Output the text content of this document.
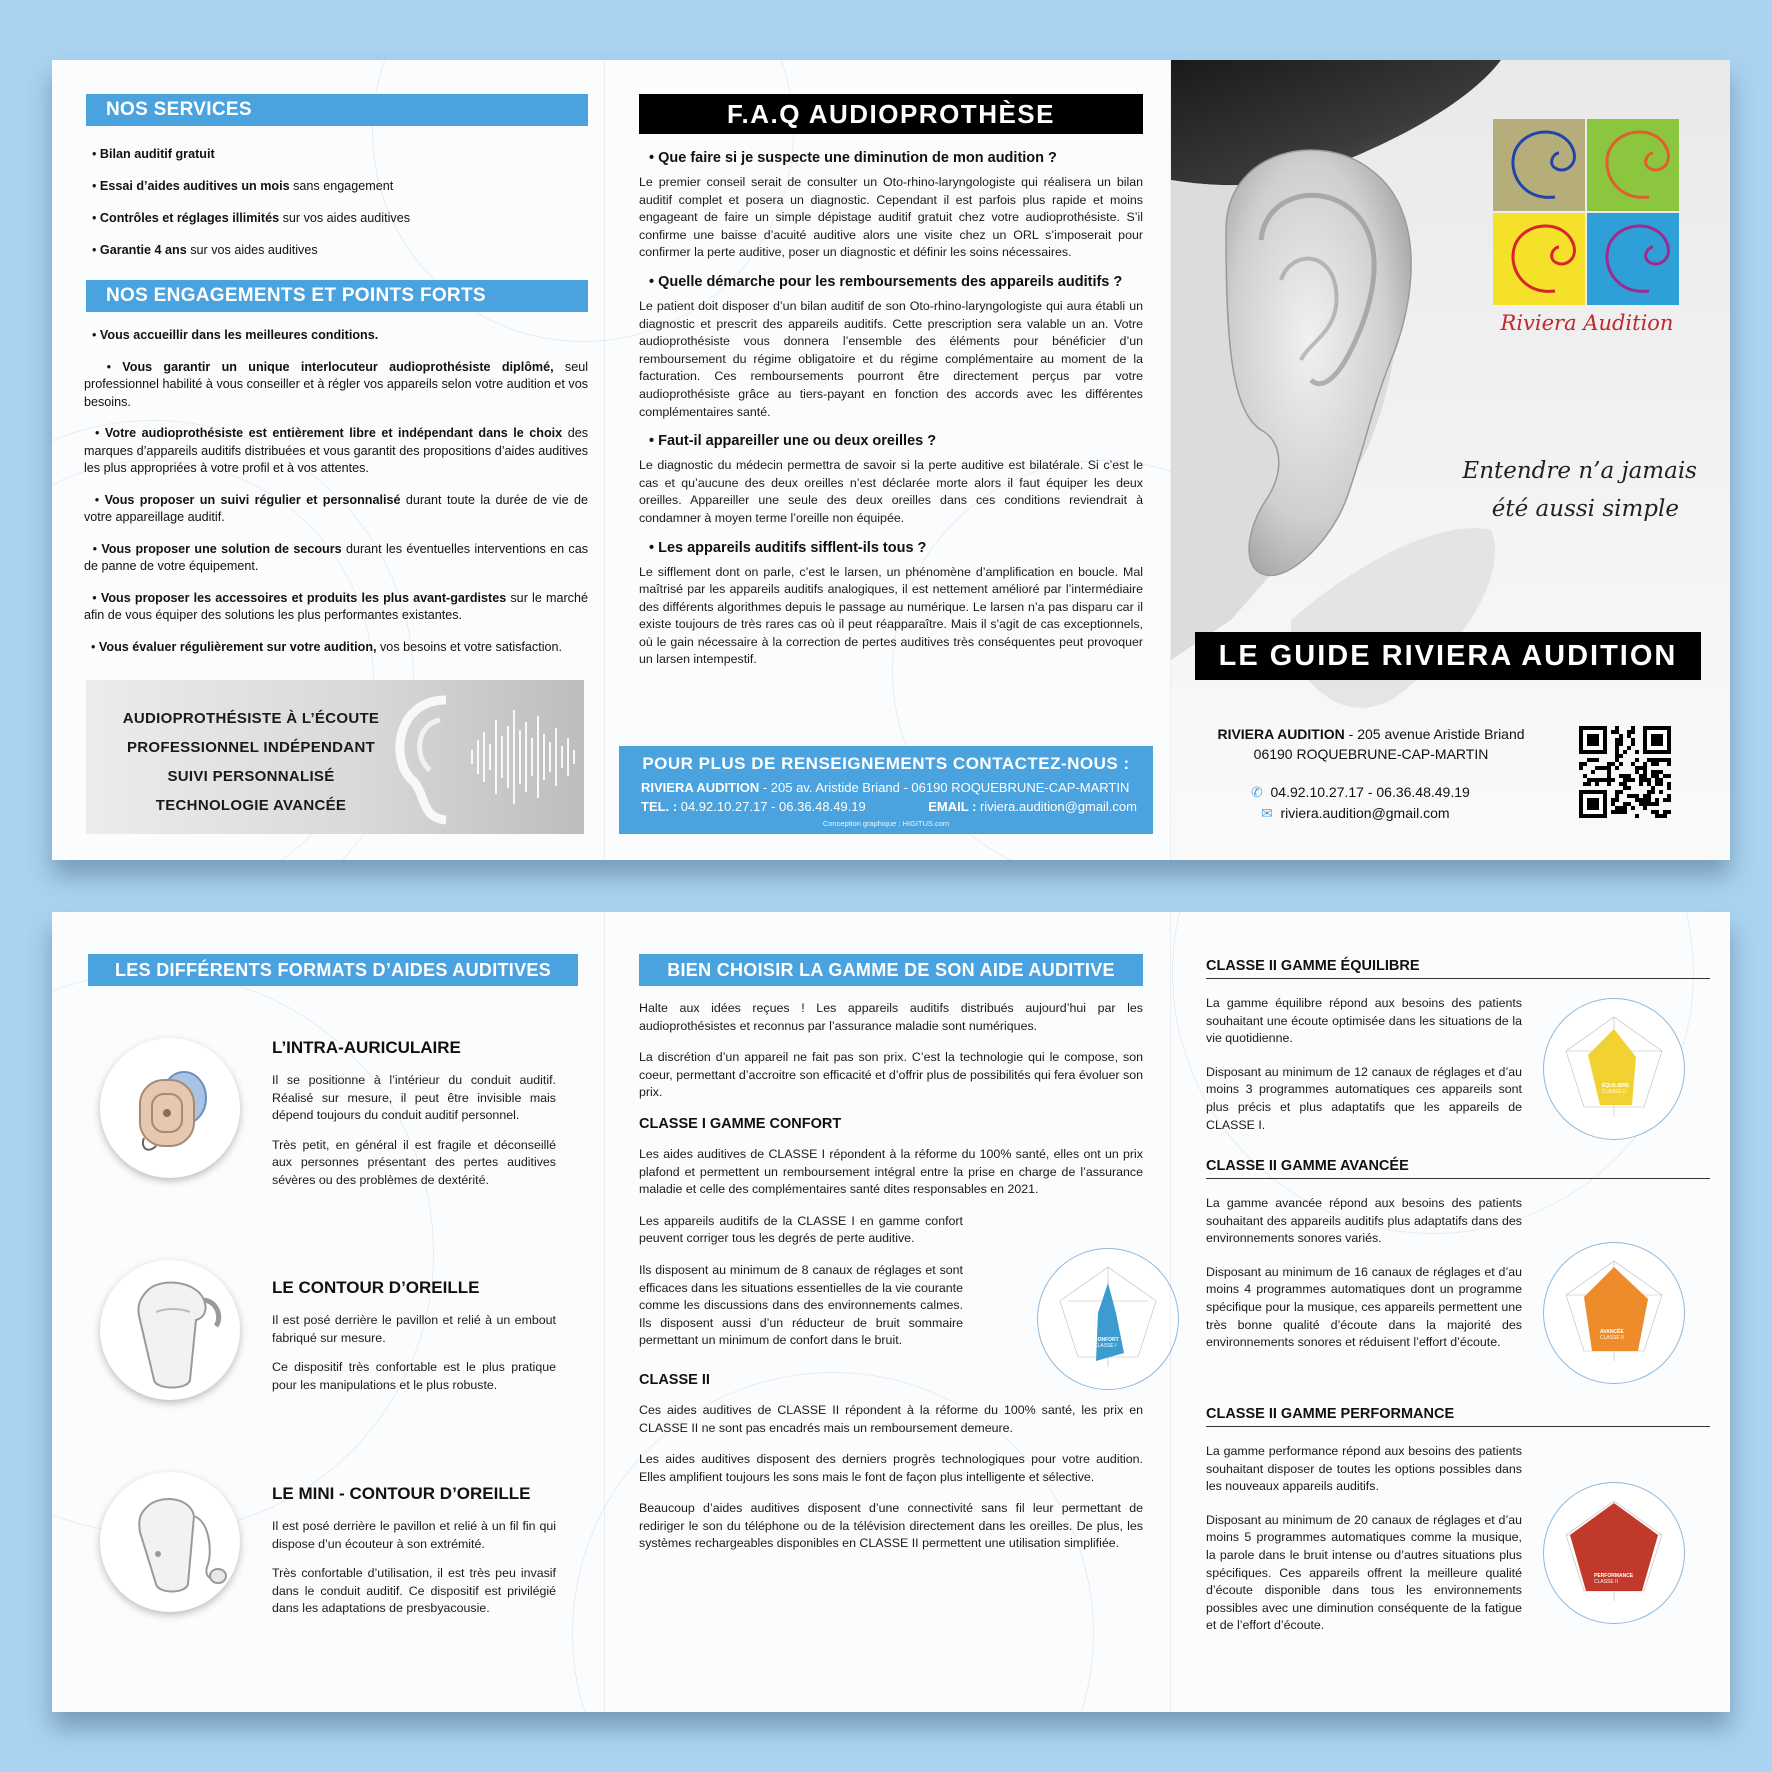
NOS SERVICES

• Bilan auditif gratuit

• Essai d’aides auditives un mois sans engagement

• Contrôles et réglages illimités sur vos aides auditives

• Garantie 4 ans sur vos aides auditives

NOS ENGAGEMENTS ET POINTS FORTS

• Vous accueillir dans les meilleures conditions.

• Vous garantir un unique interlocuteur audioprothésiste diplômé, seul professionnel habilité à vous conseiller et à régler vos appareils selon votre audition et vos besoins.

• Votre audioprothésiste est entièrement libre et indépendant dans le choix des marques d’appareils auditifs distribuées et vous garantit des propositions d’aides auditives les plus appropriées à votre profil et à vos attentes.

• Vous proposer un suivi régulier et personnalisé durant toute la durée de vie de votre appareillage auditif.

• Vous proposer une solution de secours durant les éventuelles interventions en cas de panne de votre équipement.

• Vous proposer les accessoires et produits les plus avant-gardistes sur le marché afin de vous équiper des solutions les plus performantes existantes.

• Vous évaluer régulièrement sur votre audition, vos besoins et votre satisfaction.

AUDIOPROTHÉSISTE À L’ÉCOUTE
PROFESSIONNEL INDÉPENDANT
SUIVI PERSONNALISÉ
TECHNOLOGIE AVANCÉE
F.A.Q AUDIOPROTHÈSE
• Que faire si je suspecte une diminution de mon audition ?

Le premier conseil serait de consulter un Oto-rhino-laryngologiste qui réalisera un bilan auditif complet et posera un diagnostic. Cependant il est parfois plus rapide et moins engageant de faire un simple dépistage auditif gratuit chez votre audioprothésiste. S’il confirme une baisse d’acuité auditive alors une visite chez un ORL s’imposerait pour confirmer la perte auditive, poser un diagnostic et définir les soins nécessaires.

• Quelle démarche pour les remboursements des appareils auditifs ?

Le patient doit disposer d’un bilan auditif de son Oto-rhino-laryngologiste qui aura établi un diagnostic et prescrit des appareils auditifs. Cette prescription sera valable un an. Votre audioprothésiste vous donnera l’ensemble des éléments pour bénéficier d’un remboursement du régime obligatoire et du régime complémentaire au moment de la facturation. Ces remboursements pourront être directement perçus par votre audioprothésiste grâce au tiers-payant en fonction des accords avec les différentes complémentaires santé.

• Faut-il appareiller une ou deux oreilles ?

Le diagnostic du médecin permettra de savoir si la perte auditive est bilatérale. Si c’est le cas et qu’aucune des deux oreilles n’est déclarée morte alors il faut équiper les deux oreilles. Appareiller une seule des deux oreilles dans ces conditions reviendrait à condamner à moyen terme l’oreille non équipée.

• Les appareils auditifs sifflent-ils tous ?

Le sifflement dont on parle, c’est le larsen, un phénomène d’amplification en boucle. Mal maîtrisé par les appareils auditifs analogiques, il est nettement amélioré par l’intermédiaire des différents algorithmes depuis le passage au numérique. Le larsen n’a pas disparu car il existe toujours de très rares cas où il peut réapparaître. Mais il s'agit de cas exceptionnels, où le gain nécessaire à la correction de pertes auditives très conséquentes peut provoquer un larsen intempestif.

POUR PLUS DE RENSEIGNEMENTS CONTACTEZ-NOUS :
RIVIERA AUDITION - 205 av. Aristide Briand - 06190 ROQUEBRUNE-CAP-MARTIN
TEL. : 04.92.10.27.17 - 06.36.48.49.19	EMAIL : riviera.audition@gmail.com
Conception graphique : HIGITUS.com
Riviera Audition
Entendre n’a jamais
été aussi simple
LE GUIDE RIVIERA AUDITION
RIVIERA AUDITION - 205 avenue Aristide Briand
06190 ROQUEBRUNE-CAP-MARTIN
✆ 04.92.10.27.17 - 06.36.48.49.19
✉ riviera.audition@gmail.com
LES DIFFÉRENTS FORMATS D’AIDES AUDITIVES
L’INTRA-AURICULAIRE

Il se positionne à l’intérieur du conduit auditif. Réalisé sur mesure, il peut être invisible mais dépend toujours du conduit auditif personnel.

Très petit, en général il est fragile et déconseillé aux personnes présentant des pertes auditives sévères ou des problèmes de dextérité.

LE CONTOUR D’OREILLE

Il est posé derrière le pavillon et relié à un embout fabriqué sur mesure.

Ce dispositif très confortable est le plus pratique pour les manipulations et le plus robuste.

LE MINI - CONTOUR D’OREILLE

Il est posé derrière le pavillon et relié à un fil fin qui dispose d’un écouteur à son extrémité.

Très confortable d’utilisation, il est très peu invasif dans le conduit auditif. Ce dispositif est privilégié dans les adaptations de presbyacousie.

BIEN CHOISIR LA GAMME DE SON AIDE AUDITIVE

Halte aux idées reçues ! Les appareils auditifs distribués aujourd’hui par les audioprothésistes et reconnus par l’assurance maladie sont numériques.

La discrétion d’un appareil ne fait pas son prix. C’est la technologie qui le compose, son coeur, permettant d’accroitre son efficacité et d’offrir plus de possibilités qui fera évoluer son prix.

CLASSE I GAMME CONFORT

Les aides auditives de CLASSE I répondent à la réforme du 100% santé, elles ont un prix plafond et permettent un remboursement intégral entre la prise en charge de l’assurance maladie et celle des complémentaires santé dites responsables en 2021.

Les appareils auditifs de la CLASSE I en gamme confort peuvent corriger tous les degrés de perte auditive.

Ils disposent au minimum de 8 canaux de réglages et sont efficaces dans les situations essentielles de la vie courante comme les discussions dans des environnements calmes. Ils disposent aussi d’un réducteur de bruit sommaire permettant un minimum de confort dans le bruit.

CLASSE II

Ces aides auditives de CLASSE II répondent à la réforme du 100% santé, les prix en CLASSE II ne sont pas encadrés mais un remboursement demeure.

Les aides auditives disposent des derniers progrès technologiques pour votre audition. Elles amplifient toujours les sons mais le font de façon plus intelligente et sélective.

Beaucoup d’aides auditives disposent d’une connectivité sans fil leur permettant de rediriger le son du téléphone ou de la télévision directement dans les oreilles. De plus, les systèmes rechargeables disponibles en CLASSE II permettent une utilisation simplifiée.

CONFORT
CLASSE I
CLASSE II GAMME ÉQUILIBRE

La gamme équilibre répond aux besoins des patients souhaitant une écoute optimisée dans les situations de la vie quotidienne.

Disposant au minimum de 12 canaux de réglages et d’au moins 3 programmes automatiques ces appareils sont plus précis et plus adaptatifs que les appareils de CLASSE I.

ÉQUILIBRE
CLASSE II
CLASSE II GAMME AVANCÉE

La gamme avancée répond aux besoins des patients souhaitant des appareils auditifs plus adaptatifs dans des environnements sonores variés.

Disposant au minimum de 16 canaux de réglages et d’au moins 4 programmes automatiques dont un programme spécifique pour la musique, ces appareils permettent une très bonne qualité d’écoute dans la majorité des environnements sonores et réduisent l’effort d’écoute.

AVANCÉE
CLASSE II
CLASSE II GAMME PERFORMANCE

La gamme performance répond aux besoins des patients souhaitant disposer de toutes les options possibles dans les nouveaux appareils auditifs.

Disposant au minimum de 20 canaux de réglages et d’au moins 5 programmes automatiques comme la musique, la parole dans le bruit intense ou d’autres situations plus spécifiques. Ces appareils offrent la meilleure qualité d’écoute disponible dans tous les environnements possibles avec une diminution conséquente de la fatigue et de l’effort d’écoute.

PERFORMANCE
CLASSE II
